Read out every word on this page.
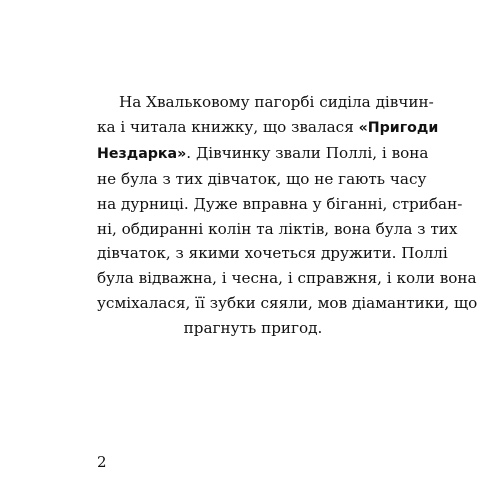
На Хвальковому пагорбі сиділа дівчин-
ка і читала книжку, що звалася «Пригоди
Нездарка». Дівчинку звали Поллі, і вона
не була з тих дівчаток, що не гають часу
на дурниці. Дуже вправна у біганні, стрибан-
ні, обдиранні колін та ліктів, вона була з тих
дівчаток, з якими хочеться дружити. Поллі
була відважна, і чесна, і справжня, і коли вона
усміхалася, її зубки сяяли, мов діамантики, що
прагнуть пригод.
2
